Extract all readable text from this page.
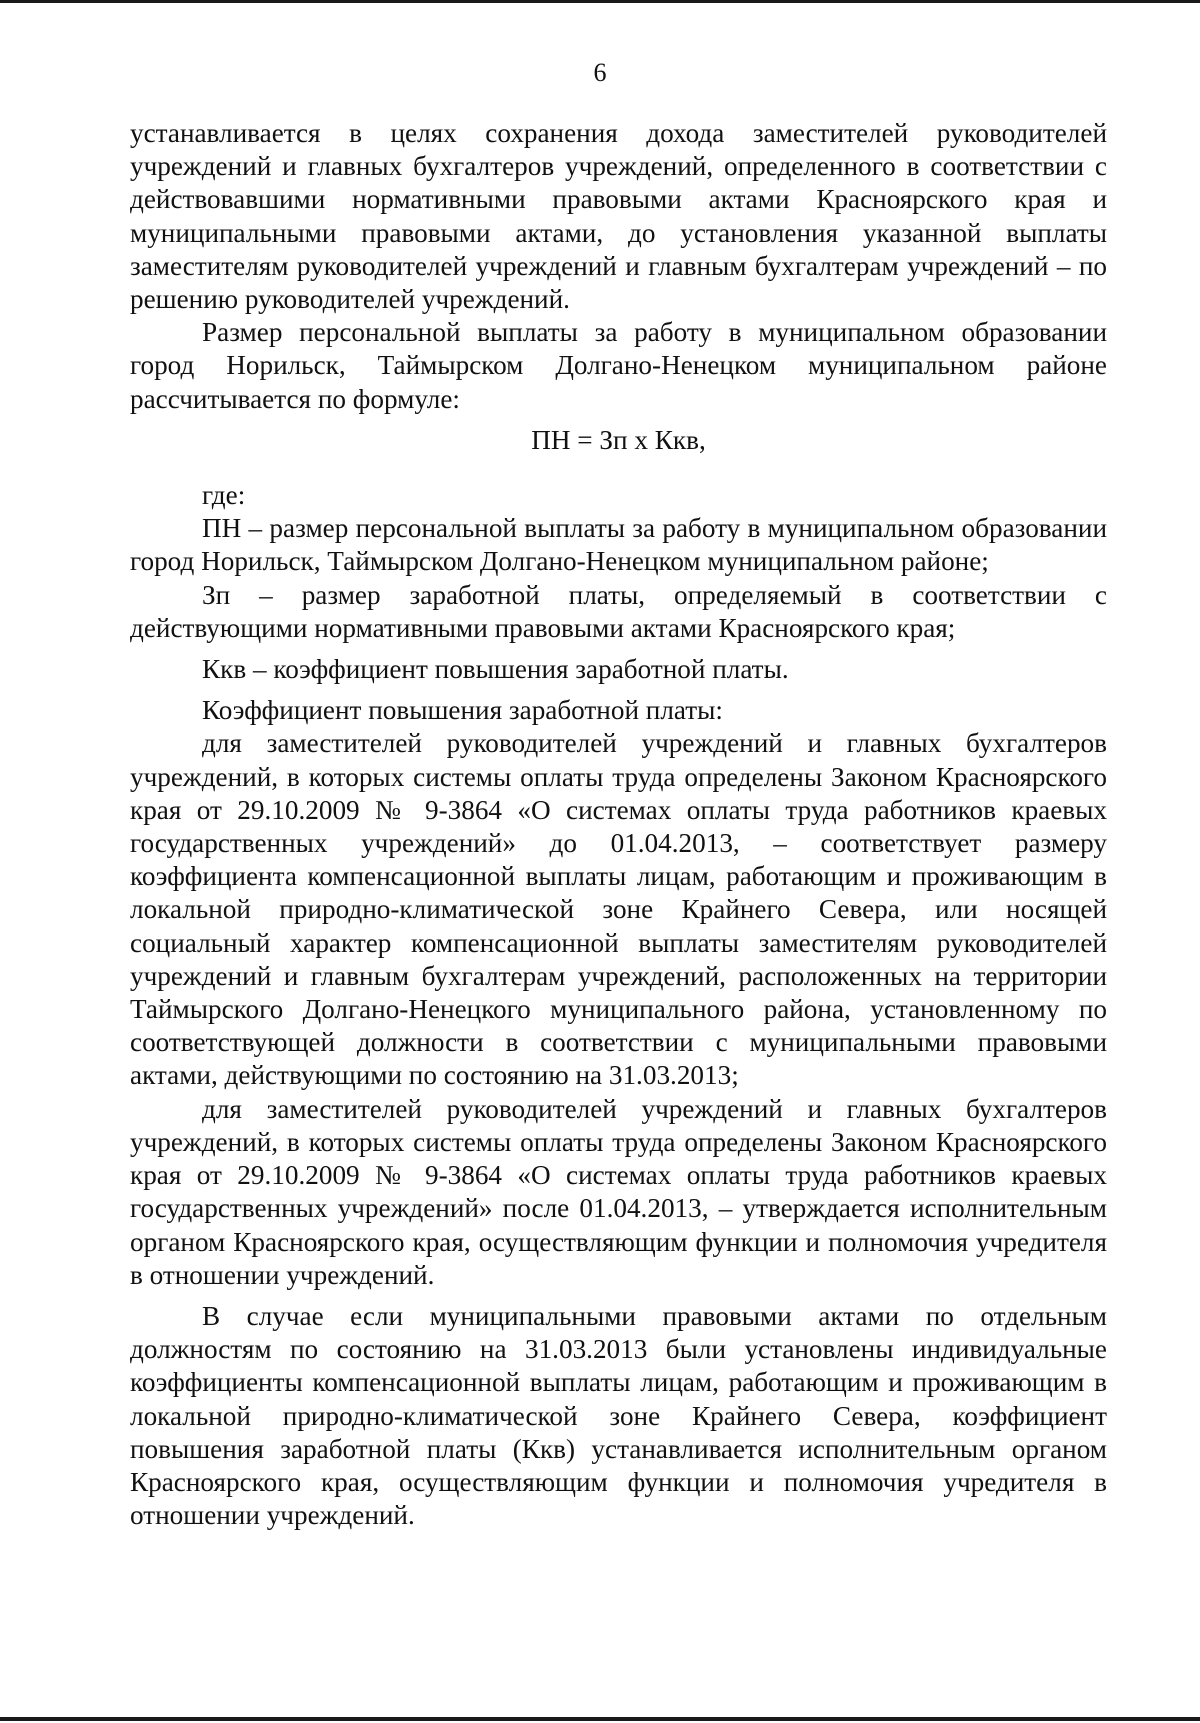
6

устанавливается в целях сохранения дохода заместителей руководителей учреждений и главных бухгалтеров учреждений, определенного в соответствии с действовавшими нормативными правовыми актами Красноярского края и муниципальными правовыми актами, до установления указанной выплаты заместителям руководителей учреждений и главным бухгалтерам учреждений – по решению руководителей учреждений.

Размер персональной выплаты за работу в муниципальном образовании город Норильск, Таймырском Долгано-Ненецком муниципальном районе рассчитывается по формуле:

ПН = Зп х Ккв,

где:

ПН – размер персональной выплаты за работу в муниципальном образовании город Норильск, Таймырском Долгано-Ненецком муниципальном районе;

Зп – размер заработной платы, определяемый в соответствии с действующими нормативными правовыми актами Красноярского края;

Ккв – коэффициент повышения заработной платы.

Коэффициент повышения заработной платы:

для заместителей руководителей учреждений и главных бухгалтеров учреждений, в которых системы оплаты труда определены Законом Красноярского края от 29.10.2009 № 9-3864 «О системах оплаты труда работников краевых государственных учреждений» до 01.04.2013, – соответствует размеру коэффициента компенсационной выплаты лицам, работающим и проживающим в локальной природно-климатической зоне Крайнего Севера, или носящей социальный характер компенсационной выплаты заместителям руководителей учреждений и главным бухгалтерам учреждений, расположенных на территории Таймырского Долгано-Ненецкого муниципального района, установленному по соответствующей должности в соответствии с муниципальными правовыми актами, действующими по состоянию на 31.03.2013;

для заместителей руководителей учреждений и главных бухгалтеров учреждений, в которых системы оплаты труда определены Законом Красноярского края от 29.10.2009 № 9-3864 «О системах оплаты труда работников краевых государственных учреждений» после 01.04.2013, – утверждается исполнительным органом Красноярского края, осуществляющим функции и полномочия учредителя в отношении учреждений.

В случае если муниципальными правовыми актами по отдельным должностям по состоянию на 31.03.2013 были установлены индивидуальные коэффициенты компенсационной выплаты лицам, работающим и проживающим в локальной природно-климатической зоне Крайнего Севера, коэффициент повышения заработной платы (Ккв) устанавливается исполнительным органом Красноярского края, осуществляющим функции и полномочия учредителя в отношении учреждений.
